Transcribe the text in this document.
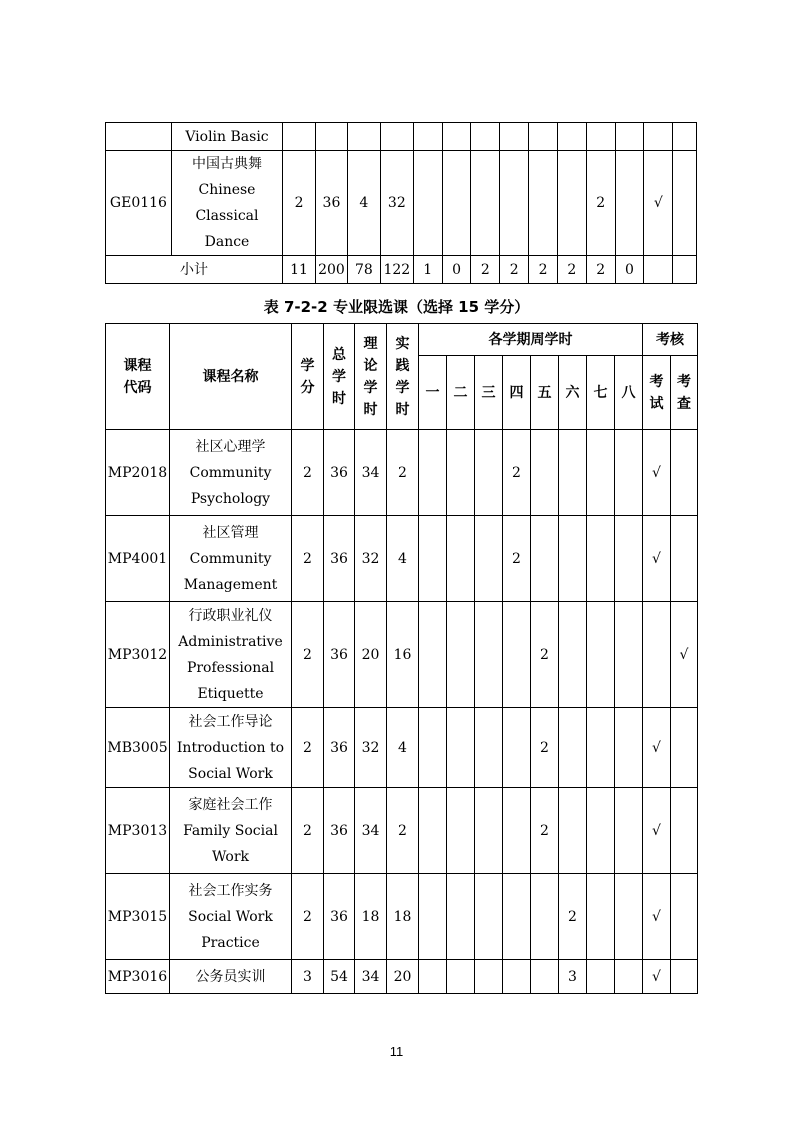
	Violin Basic														
GE0116	中国古典舞
Chinese
Classical Dance	2	36	4	32							2		√	
小计		11	200	78	122	1	0	2	2	2	2	2	0		
表 7-2-2 专业限选课（选择 15 学分）
课程代码	课程名称	学分	总学时	理论学时	实践学时	各学期周学时								考核	
						一	二	三	四	五	六	七	八	考试	考查

MP2018	社区心理学
Community
Psychology	2	36	34	2				2					√	
MP4001	社区管理
Community
Management	2	36	32	4				2					√	
MP3012	行政职业礼仪
Administrative
Professional
Etiquette	2	36	20	16					2					√
MB3005	社会工作导论
Introduction to
Social Work	2	36	32	4					2				√	
MP3013	家庭社会工作
Family Social
Work	2	36	34	2					2				√	
MP3015	社会工作实务
Social Work
Practice	2	36	18	18						2			√	
MP3016	公务员实训	3	54	34	20						3			√	
11
